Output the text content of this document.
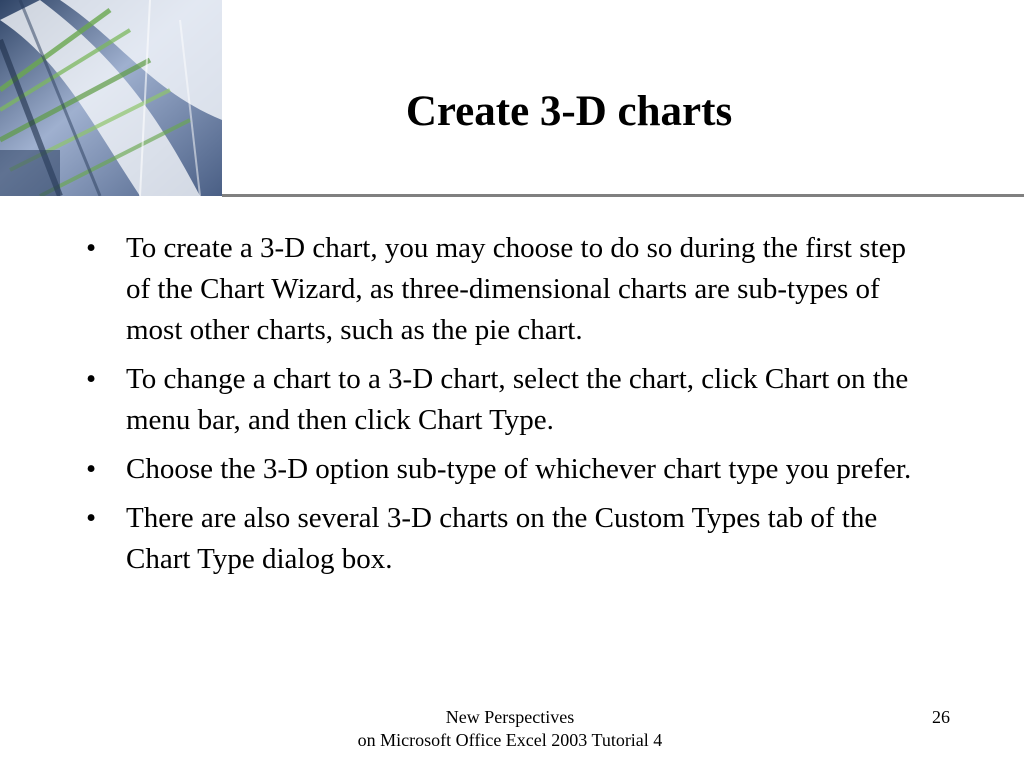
Create 3-D charts
•	To create a 3-D chart, you may choose to do so during the first step of the Chart Wizard, as three-dimensional charts are sub-types of most other charts, such as the pie chart.
•	To change a chart to a 3-D chart, select the chart, click Chart on the menu bar, and then click Chart Type.
•	Choose the 3-D option sub-type of whichever chart type you prefer.
•	There are also several 3-D charts on the Custom Types tab of the Chart Type dialog box.
New Perspectives
on Microsoft Office Excel 2003 Tutorial 4
26
